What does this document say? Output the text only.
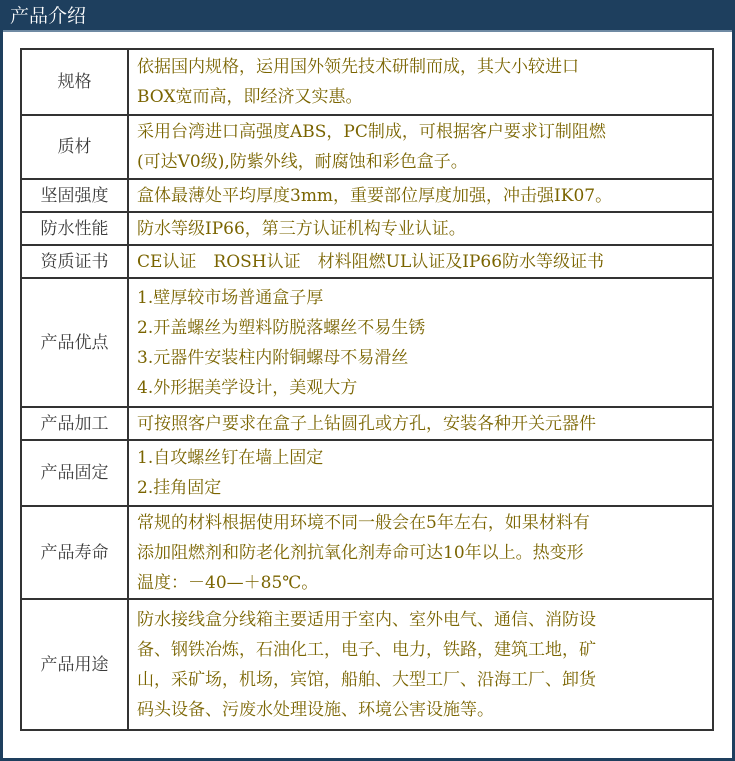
产品介绍
规格	依据国内规格，运用国外领先技术研制而成，其大小较进口
BOX宽而高，即经济又实惠。

质材	采用台湾进口高强度ABS，PC制成，可根据客户要求订制阻燃
(可达V0级),防紫外线，耐腐蚀和彩色盒子。

坚固强度	盒体最薄处平均厚度3mm，重要部位厚度加强，冲击强IK07。

防水性能	防水等级IP66，第三方认证机构专业认证。

资质证书	CE认证　ROSH认证　材料阻燃UL认证及IP66防水等级证书

产品优点	1.壁厚较市场普通盒子厚
2.开盖螺丝为塑料防脱落螺丝不易生锈
3.元器件安装柱内附铜螺母不易滑丝
4.外形据美学设计，美观大方

产品加工	可按照客户要求在盒子上钻圆孔或方孔，安装各种开关元器件

产品固定	1.自攻螺丝钉在墙上固定
2.挂角固定

产品寿命	常规的材料根据使用环境不同一般会在5年左右，如果材料有
添加阻燃剂和防老化剂抗氧化剂寿命可达10年以上。热变形
温度：－40—＋85℃。

产品用途	防水接线盒分线箱主要适用于室内、室外电气、通信、消防设
备、钢铁冶炼，石油化工，电子、电力，铁路，建筑工地，矿
山，采矿场，机场，宾馆，船舶、大型工厂、沿海工厂、卸货
码头设备、污废水处理设施、环境公害设施等。
